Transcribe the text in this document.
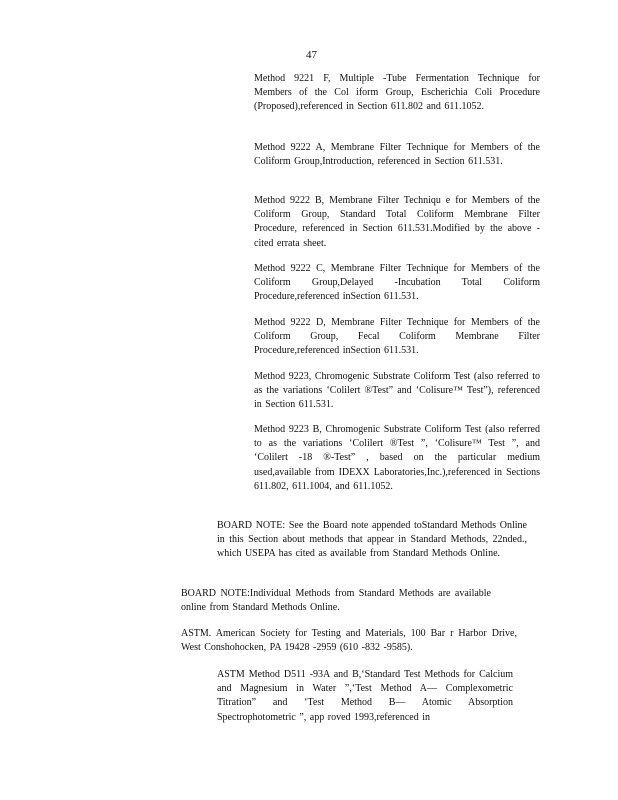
47

Method 9221 F, Multiple -Tube Fermentation Technique for Members of the Col iform Group, Escherichia Coli Procedure (Proposed),referenced in Section 611.802 and 611.1052.

Method 9222 A, Membrane Filter Technique for Members of the Coliform Group,Introduction, referenced in Section 611.531.

Method 9222 B, Membrane Filter Techniqu e for Members of the Coliform Group, Standard Total Coliform Membrane Filter Procedure, referenced in Section 611.531.Modified by the above -cited errata sheet.

Method 9222 C, Membrane Filter Technique for Members of the Coliform Group,Delayed -Incubation Total Coliform Procedure,referenced inSection 611.531.

Method 9222 D, Membrane Filter Technique for Members of the Coliform Group, Fecal Coliform Membrane Filter Procedure,referenced inSection 611.531.

Method 9223, Chromogenic Substrate Coliform Test (also referred to as the variations ‘Colilert ®Test” and ‘Colisure™ Test”), referenced in Section 611.531.

Method 9223 B, Chromogenic Substrate Coliform Test (also referred to as the variations ‘Colilert ®Test ”, ‘Colisure™ Test ”, and ‘Colilert -18 ®-Test” , based on the particular medium used,available from IDEXX Laboratories,Inc.),referenced in Sections 611.802, 611.1004, and 611.1052.

BOARD NOTE: See the Board note appended toStandard Methods Online in this Section about methods that appear in Standard Methods, 22nded., which USEPA has cited as available from Standard Methods Online.

BOARD NOTE:Individual Methods from Standard Methods are available online from Standard Methods Online.

ASTM. American Society for Testing and Materials, 100 Bar r Harbor Drive, West Conshohocken, PA 19428 -2959 (610 -832 -9585).

ASTM Method D511 -93A and B,‘Standard Test Methods for Calcium and Magnesium in Water ”,‘Test Method A— Complexometric Titration” and ‘Test Method B— Atomic Absorption Spectrophotometric ”, app roved 1993,referenced in
